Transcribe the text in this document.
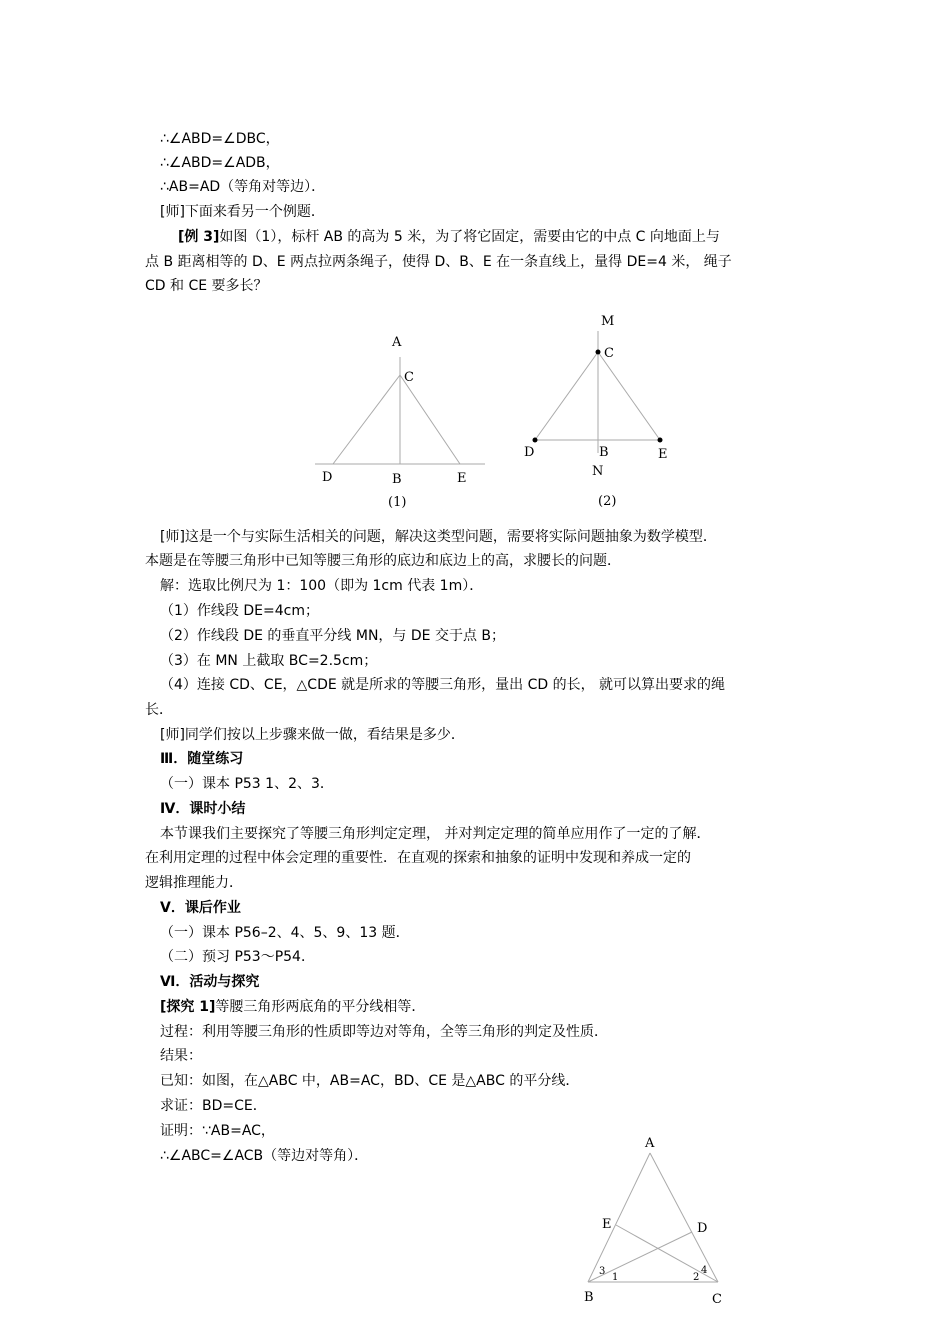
∴∠ABD=∠DBC，
∴∠ABD=∠ADB，
∴AB=AD（等角对等边）．
[师]下面来看另一个例题．
[例 3]如图（1），标杆 AB 的高为 5 米，为了将它固定，需要由它的中点 C 向地面上与
点 B 距离相等的 D、E 两点拉两条绳子，使得 D、B、E 在一条直线上，量得 DE=4 米， 绳子
CD 和 CE 要多长？
A
C
D	B	E
(1)
M
C
D	B	E
N
(2)
[师]这是一个与实际生活相关的问题，解决这类型问题，需要将实际问题抽象为数学模型．
本题是在等腰三角形中已知等腰三角形的底边和底边上的高，求腰长的问题．
解：选取比例尺为 1：100（即为 1cm 代表 1m）．
（1）作线段 DE=4cm；
（2）作线段 DE 的垂直平分线 MN，与 DE 交于点 B；
（3）在 MN 上截取 BC=2.5cm；
（4）连接 CD、CE，△CDE 就是所求的等腰三角形，量出 CD 的长， 就可以算出要求的绳
长．
[师]同学们按以上步骤来做一做，看结果是多少．
Ⅲ．随堂练习
（一）课本 P53 1、2、3．
Ⅳ．课时小结
本节课我们主要探究了等腰三角形判定定理， 并对判定定理的简单应用作了一定的了解．
在利用定理的过程中体会定理的重要性．在直观的探索和抽象的证明中发现和养成一定的
逻辑推理能力．
Ⅴ．课后作业
（一）课本 P56–2、4、5、9、13 题．
（二）预习 P53～P54．
Ⅵ．活动与探究
[探究 1]等腰三角形两底角的平分线相等．
过程：利用等腰三角形的性质即等边对等角，全等三角形的判定及性质．
结果：
已知：如图，在△ABC 中，AB=AC，BD、CE 是△ABC 的平分线．
求证：BD=CE．
证明：∵AB=AC，
∴∠ABC=∠ACB（等边对等角）．
A
E	D
B	C
3
1	2
4
